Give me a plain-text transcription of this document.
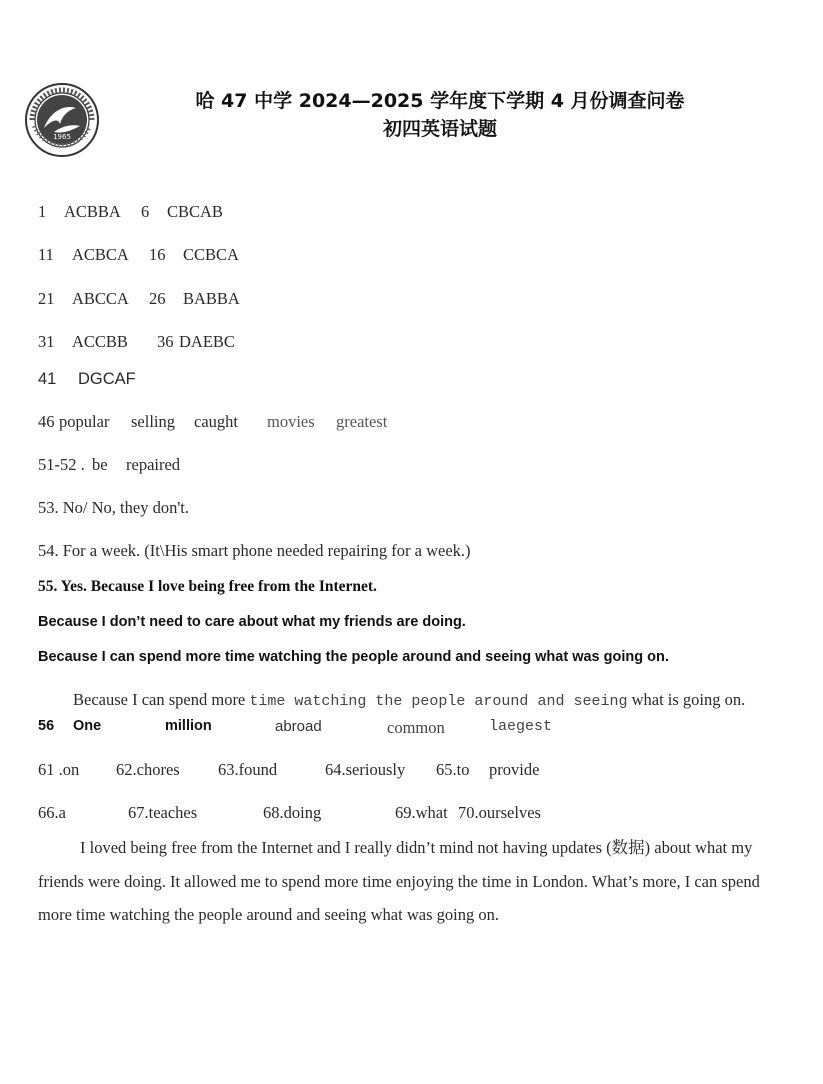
1965
哈 47 中学 2024—2025 学年度下学期 4 月份调查问卷
初四英语试题
1 ACBBA 6 CBCAB
11 ACBCA 16 CCBCA
21 ABCCA 26 BABBA
31 ACCBB 36 DAEBC
41 DGCAF
46 popular selling caught movies greatest
51-52 . be repaired
53. No/ No, they don't.
54. For a week. (It\His smart phone needed repairing for a week.)
55. Yes. Because I love being free from the Internet.
Because I don’t need to care about what my friends are doing.
Because I can spend more time watching the people around and seeing what was going on.
Because I can spend more time watching the people around and seeing what is going on.
56 One	million	abroad	common	laegest
61 .on 62.chores 63.found	64.seriously 65.to provide
66.a	67.teaches	68.doing	69.what 70.ourselves
I loved being free from the Internet and I really didn’t mind not having updates (数据) about what my friends were doing. It allowed me to spend more time enjoying the time in London. What’s more, I can spend more time watching the people around and seeing what was going on.
